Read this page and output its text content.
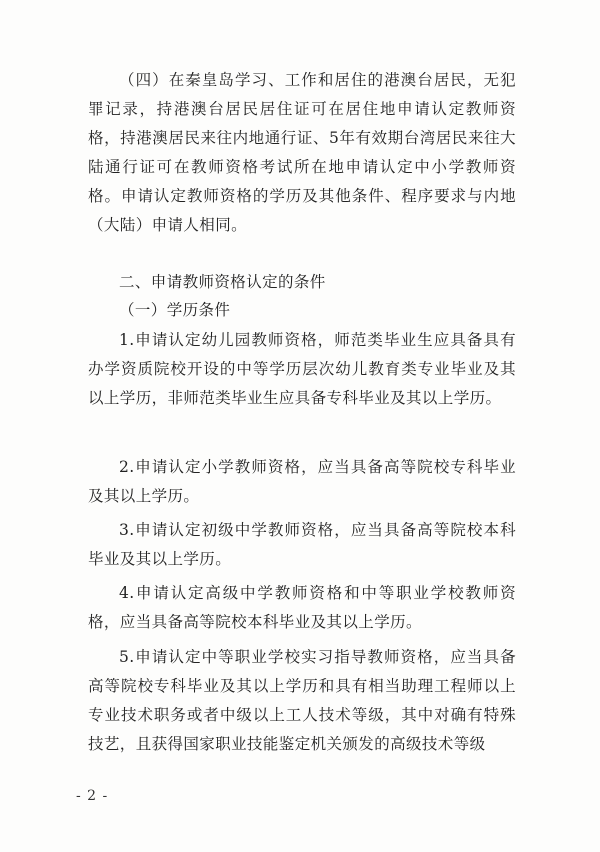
（四）在秦皇岛学习、工作和居住的港澳台居民，无犯罪记录，持港澳台居民居住证可在居住地申请认定教师资格，持港澳居民来往内地通行证、5年有效期台湾居民来往大陆通行证可在教师资格考试所在地申请认定中小学教师资格。申请认定教师资格的学历及其他条件、程序要求与内地（大陆）申请人相同。

二、申请教师资格认定的条件

（一）学历条件

1.申请认定幼儿园教师资格，师范类毕业生应具备具有办学资质院校开设的中等学历层次幼儿教育类专业毕业及其以上学历，非师范类毕业生应具备专科毕业及其以上学历。

2.申请认定小学教师资格，应当具备高等院校专科毕业及其以上学历。

3.申请认定初级中学教师资格，应当具备高等院校本科毕业及其以上学历。

4.申请认定高级中学教师资格和中等职业学校教师资格，应当具备高等院校本科毕业及其以上学历。

5.申请认定中等职业学校实习指导教师资格，应当具备高等院校专科毕业及其以上学历和具有相当助理工程师以上专业技术职务或者中级以上工人技术等级，其中对确有特殊技艺，且获得国家职业技能鉴定机关颁发的高级技术等级

- 2 -
